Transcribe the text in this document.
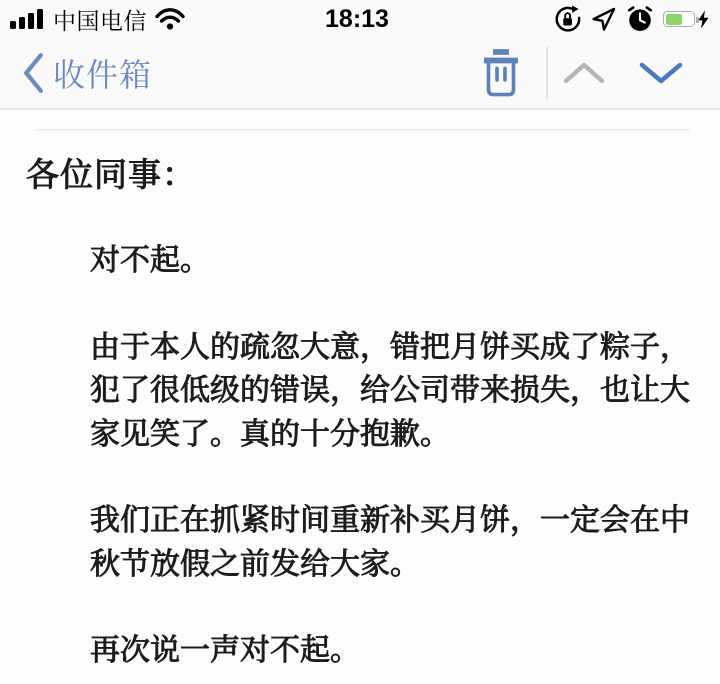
中国电信	18:13
收件箱
各位同事：
对不起。
由于本人的疏忽大意，错把月饼买成了粽子，犯了很低级的错误，给公司带来损失，也让大家见笑了。真的十分抱歉。
我们正在抓紧时间重新补买月饼，一定会在中秋节放假之前发给大家。
再次说一声对不起。
